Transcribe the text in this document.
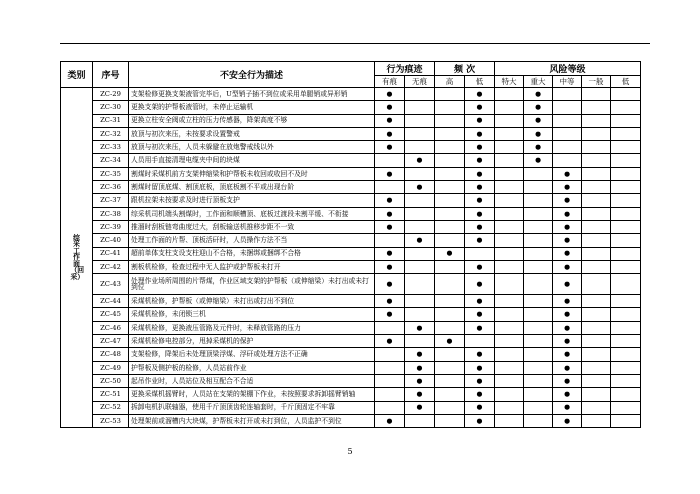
类别	序号	不安全行为描述	行为痕迹		频 次		风险等级				
			有痕	无痕	高	低	特大	重大	中等	一般	低
综采工作面（回采）	ZC-29	支架检修更换支架液管完毕后，U型销子插不到位或采用单腿销或异形销	●			●		●			
	ZC-30	更换支架的护帮板液管时，未停止运输机	●			●		●			
	ZC-31	更换立柱安全阀或立柱的压力传感器，降架高度不够	●			●		●			
	ZC-32	放顶与初次来压，未按要求设置警戒	●			●		●			
	ZC-33	放顶与初次来压，人员未躲避在放炮警戒线以外	●			●		●			
	ZC-34	人员用手直接清理电缆夹中间的块煤		●		●		●			
	ZC-35	割煤时采煤机前方支架伸缩梁和护帮板未收回或收回不及时	●			●			●		
	ZC-36	割煤时留顶底煤、割顶底板，顶底板割不平或出现台阶		●		●			●		
	ZC-37	跟机拉架未按要求及时进行顶板支护	●			●			●		
	ZC-38	综采机司机端头割煤时，工作面和顺槽顶、底板过渡段未割平缓、不衔接	●			●			●		
	ZC-39	推溜时刮板链弯曲度过大，刮板输送机推移步距不一致	●			●			●		
	ZC-40	处理工作面的片帮、顶板活矸时，人员操作方法不当		●		●			●		
	ZC-41	超前单体支柱支设支柱迎山不合格，未捆绑或捆绑不合格	●		●				●		
	ZC-42	割板机检修，检查过程中无人监护或护帮板未打开	●			●			●		
	ZC-43	处理作业场所周围的片帮煤，作业区域支架的护帮板（或伸缩梁）未打出或未打到位	●			●			●		
	ZC-44	采煤机检修，护帮板（或伸缩梁）未打出或打出不到位	●			●			●		
	ZC-45	采煤机检修，未闭锁三机	●			●			●		
	ZC-46	采煤机检修，更换液压管路及元件时，未释放管路的压力		●		●			●		
	ZC-47	采煤机检修电控部分，甩掉采煤机的保护	●		●				●		
	ZC-48	支架检修，降架后未处理顶梁浮煤、浮矸或处理方法不正确		●		●			●		
	ZC-49	护帮板及侧护板的检修，人员站前作业		●		●			●		
	ZC-50	起吊作业时，人员站位及相互配合不合适		●		●			●		
	ZC-51	更换采煤机摇臂时，人员站在支架的架棚下作业，未按照要求拆卸摇臂销轴		●		●			●		
	ZC-52	拆卸电机扒联轴器，使用千斤顶顶齿轮连轴套时，千斤顶固定不牢靠		●		●			●		
	ZC-53	处理架前或溜槽内大块煤，护帮板未打开或未打到位，人员监护不到位	●			●			●		
5
